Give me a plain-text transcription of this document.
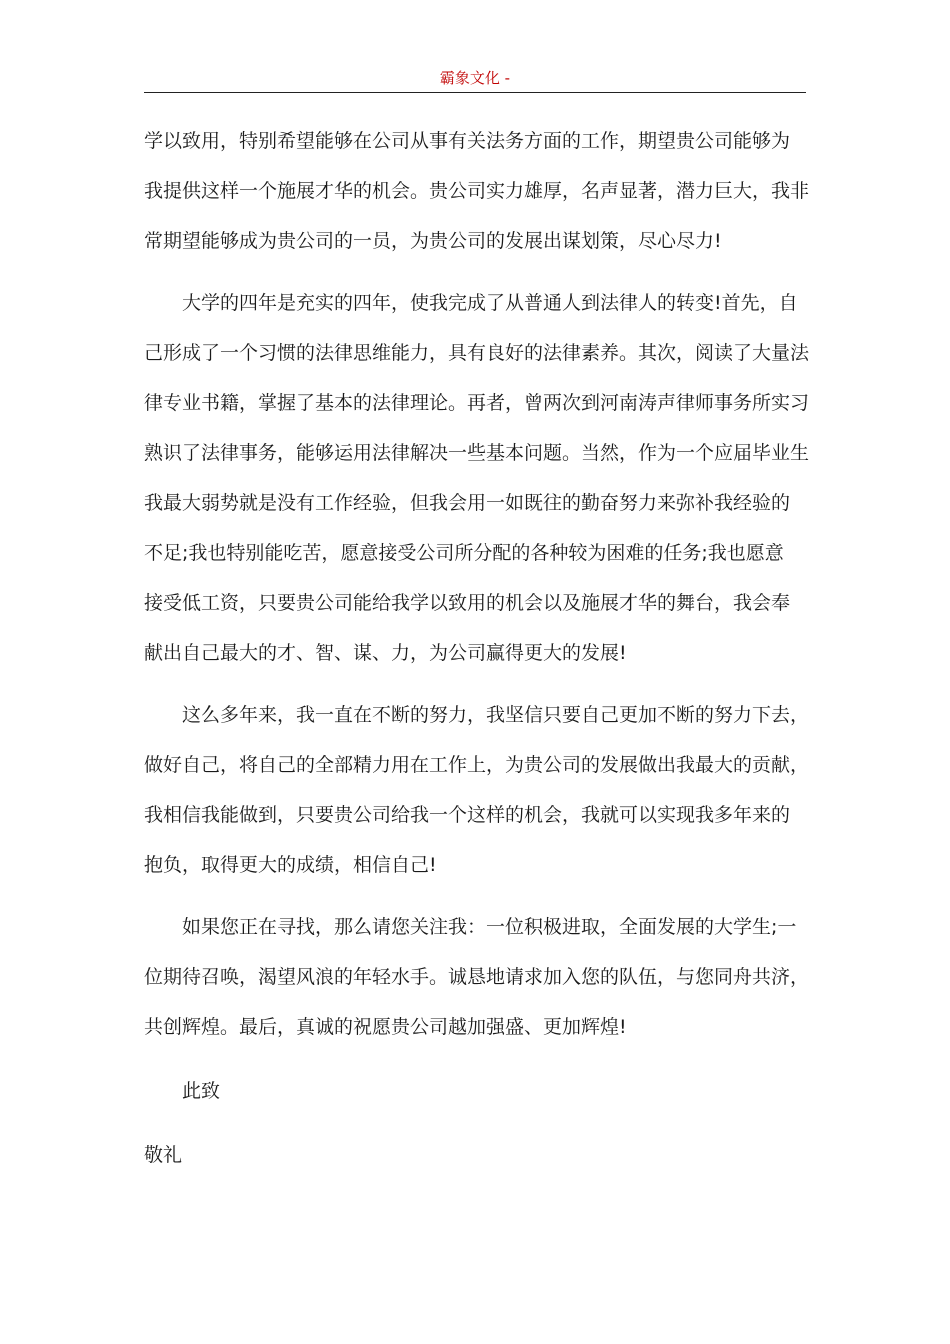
霸象文化 -
学以致用，特别希望能够在公司从事有关法务方面的工作，期望贵公司能够为
我提供这样一个施展才华的机会。贵公司实力雄厚，名声显著，潜力巨大，我非
常期望能够成为贵公司的一员，为贵公司的发展出谋划策，尽心尽力!
大学的四年是充实的四年，使我完成了从普通人到法律人的转变!首先，自
己形成了一个习惯的法律思维能力，具有良好的法律素养。其次，阅读了大量法
律专业书籍，掌握了基本的法律理论。再者，曾两次到河南涛声律师事务所实习
熟识了法律事务，能够运用法律解决一些基本问题。当然，作为一个应届毕业生
我最大弱势就是没有工作经验，但我会用一如既往的勤奋努力来弥补我经验的
不足;我也特别能吃苦，愿意接受公司所分配的各种较为困难的任务;我也愿意
接受低工资，只要贵公司能给我学以致用的机会以及施展才华的舞台，我会奉
献出自己最大的才、智、谋、力，为公司赢得更大的发展!
这么多年来，我一直在不断的努力，我坚信只要自己更加不断的努力下去，
做好自己，将自己的全部精力用在工作上，为贵公司的发展做出我最大的贡献，
我相信我能做到，只要贵公司给我一个这样的机会，我就可以实现我多年来的
抱负，取得更大的成绩，相信自己!
如果您正在寻找，那么请您关注我：一位积极进取，全面发展的大学生;一
位期待召唤，渴望风浪的年轻水手。诚恳地请求加入您的队伍，与您同舟共济，
共创辉煌。最后，真诚的祝愿贵公司越加强盛、更加辉煌!
此致
敬礼
